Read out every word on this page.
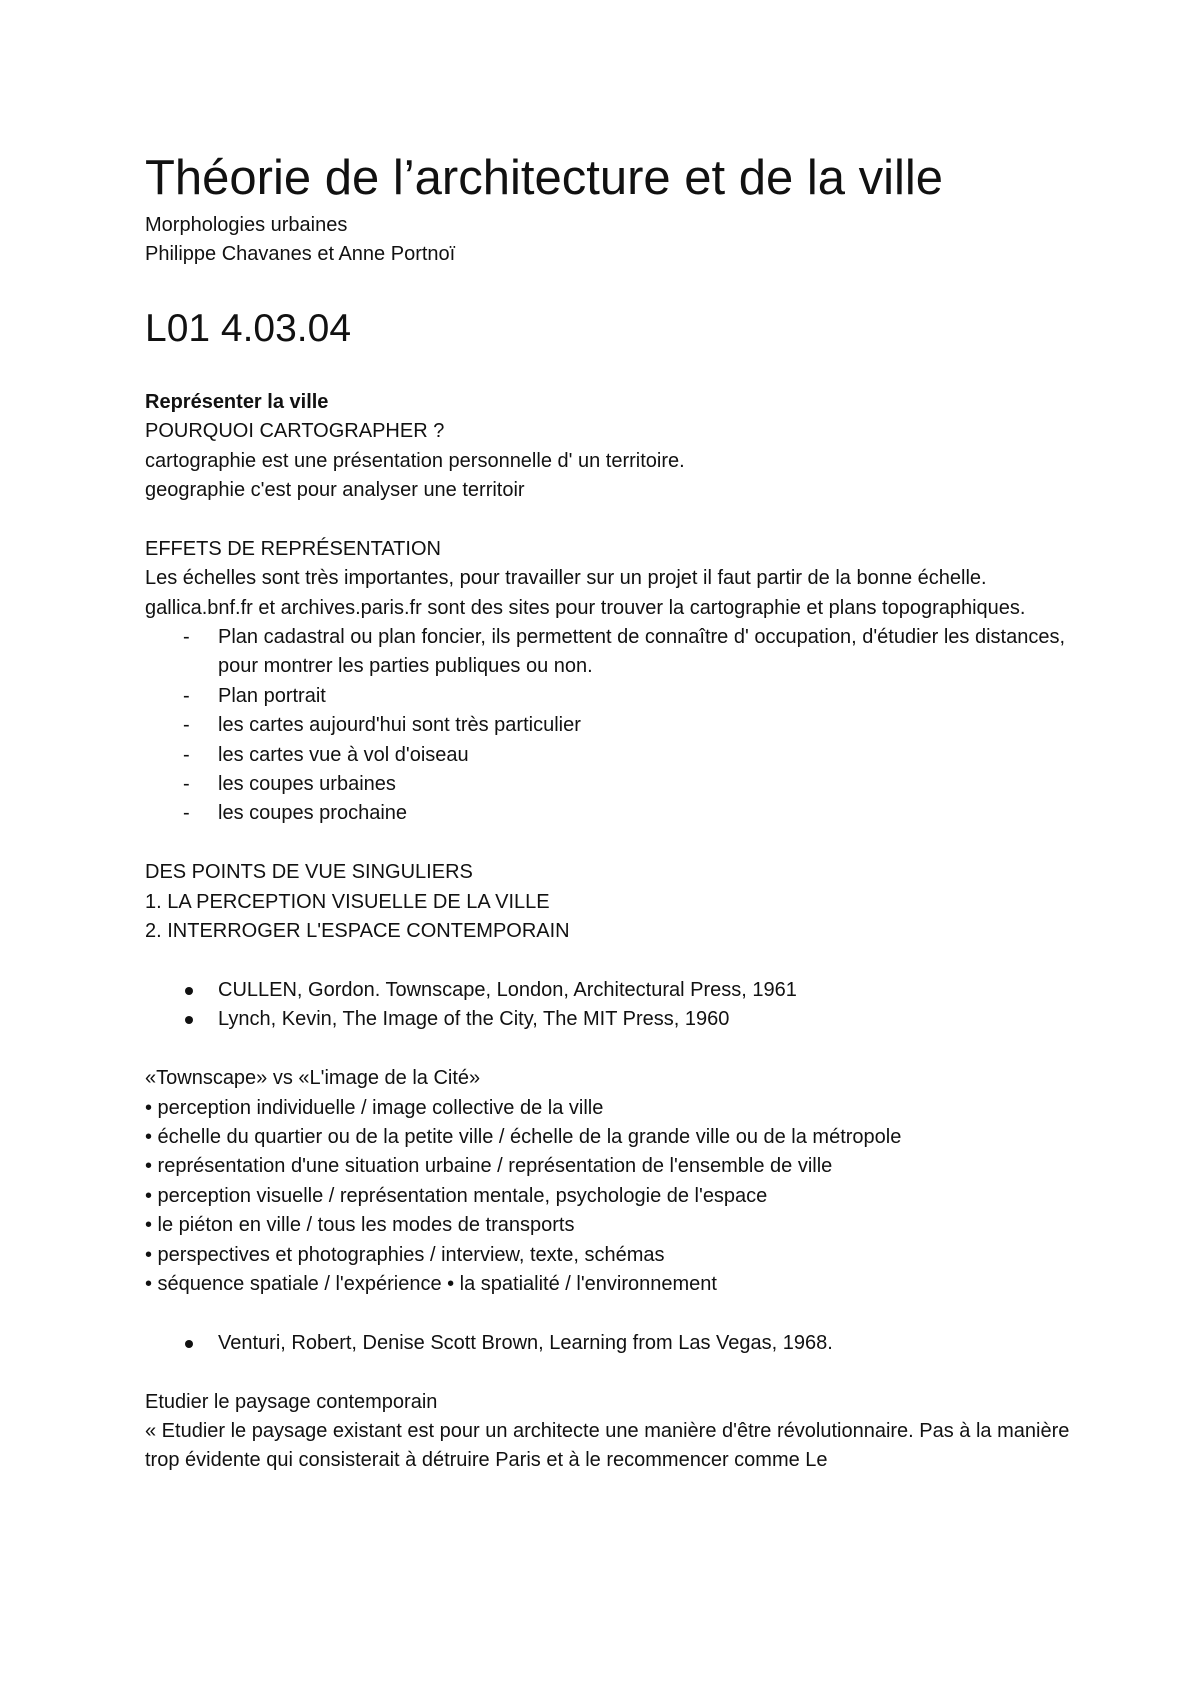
Théorie de l’architecture et de la ville

Morphologies urbaines

Philippe Chavanes et Anne Portnoï

L01 4.03.04

Représenter la ville

POURQUOI CARTOGRAPHER ?

cartographie est une présentation personnelle d' un territoire.

geographie c'est pour analyser une territoir

EFFETS DE REPRÉSENTATION

Les échelles sont très importantes, pour travailler sur un projet il faut partir de la bonne échelle.

gallica.bnf.fr et archives.paris.fr sont des sites pour trouver la cartographie et plans topographiques.

- Plan cadastral ou plan foncier, ils permettent de connaître d' occupation, d'étudier les distances, pour montrer les parties publiques ou non.
- Plan portrait
- les cartes aujourd'hui sont très particulier
- les cartes vue à vol d'oiseau
- les coupes urbaines
- les coupes prochaine

DES POINTS DE VUE SINGULIERS

1. LA PERCEPTION VISUELLE DE LA VILLE

2. INTERROGER L'ESPACE CONTEMPORAIN

CULLEN, Gordon. Townscape, London, Architectural Press, 1961
Lynch, Kevin, The Image of the City, The MIT Press, 1960

«Townscape» vs «L'image de la Cité»

• perception individuelle / image collective de la ville

• échelle du quartier ou de la petite ville / échelle de la grande ville ou de la métropole

• représentation d'une situation urbaine / représentation de l'ensemble de ville

• perception visuelle / représentation mentale, psychologie de l'espace

• le piéton en ville / tous les modes de transports

• perspectives et photographies / interview, texte, schémas

• séquence spatiale / l'expérience • la spatialité / l'environnement

Venturi, Robert, Denise Scott Brown, Learning from Las Vegas, 1968.

Etudier le paysage contemporain

« Etudier le paysage existant est pour un architecte une manière d'être révolutionnaire. Pas à la manière trop évidente qui consisterait à détruire Paris et à le recommencer comme Le
